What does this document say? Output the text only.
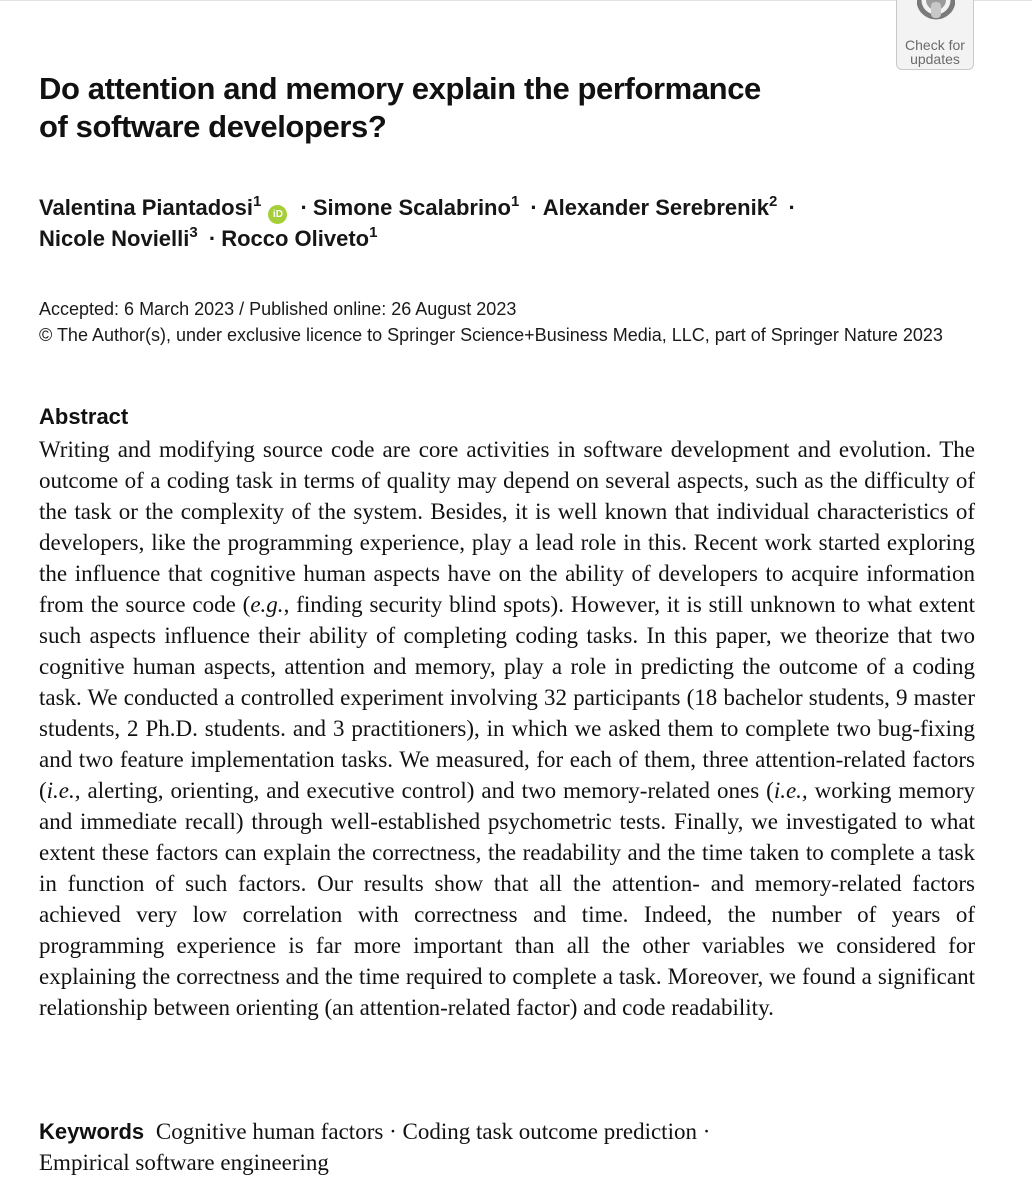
Check for
updates
Do attention and memory explain the performance
of software developers?
Valentina Piantadosi$^1$ iD · Simone Scalabrino$^1$ · Alexander Serebrenik$^2$ ·
Nicole Novielli$^3$ · Rocco Oliveto$^1$
Accepted: 6 March 2023 / Published online: 26 August 2023
© The Author(s), under exclusive licence to Springer Science+Business Media, LLC, part of Springer Nature 2023
Abstract

Writing and modifying source code are core activities in software development and evolution. The outcome of a coding task in terms of quality may depend on several aspects, such as the difficulty of the task or the complexity of the system. Besides, it is well known that individual characteristics of developers, like the programming experience, play a lead role in this. Recent work started exploring the influence that cognitive human aspects have on the ability of developers to acquire information from the source code (e.g., finding security blind spots). However, it is still unknown to what extent such aspects influence their ability of completing coding tasks. In this paper, we theorize that two cognitive human aspects, attention and memory, play a role in predicting the outcome of a coding task. We conducted a controlled experiment involving 32 participants (18 bachelor students, 9 master students, 2 Ph.D. students. and 3 practitioners), in which we asked them to complete two bug-fixing and two feature implementation tasks. We measured, for each of them, three attention-related factors (i.e., alerting, orienting, and executive control) and two memory-related ones (i.e., working memory and immediate recall) through well-established psychometric tests. Finally, we investigated to what extent these factors can explain the correctness, the readability and the time taken to complete a task in function of such factors. Our results show that all the attention- and memory-related factors achieved very low correlation with correctness and time. Indeed, the number of years of programming experience is far more important than all the other variables we considered for explaining the correctness and the time required to complete a task. Moreover, we found a significant relationship between orienting (an attention-related factor) and code readability.

Keywords Cognitive human factors · Coding task outcome prediction ·
Empirical software engineering
